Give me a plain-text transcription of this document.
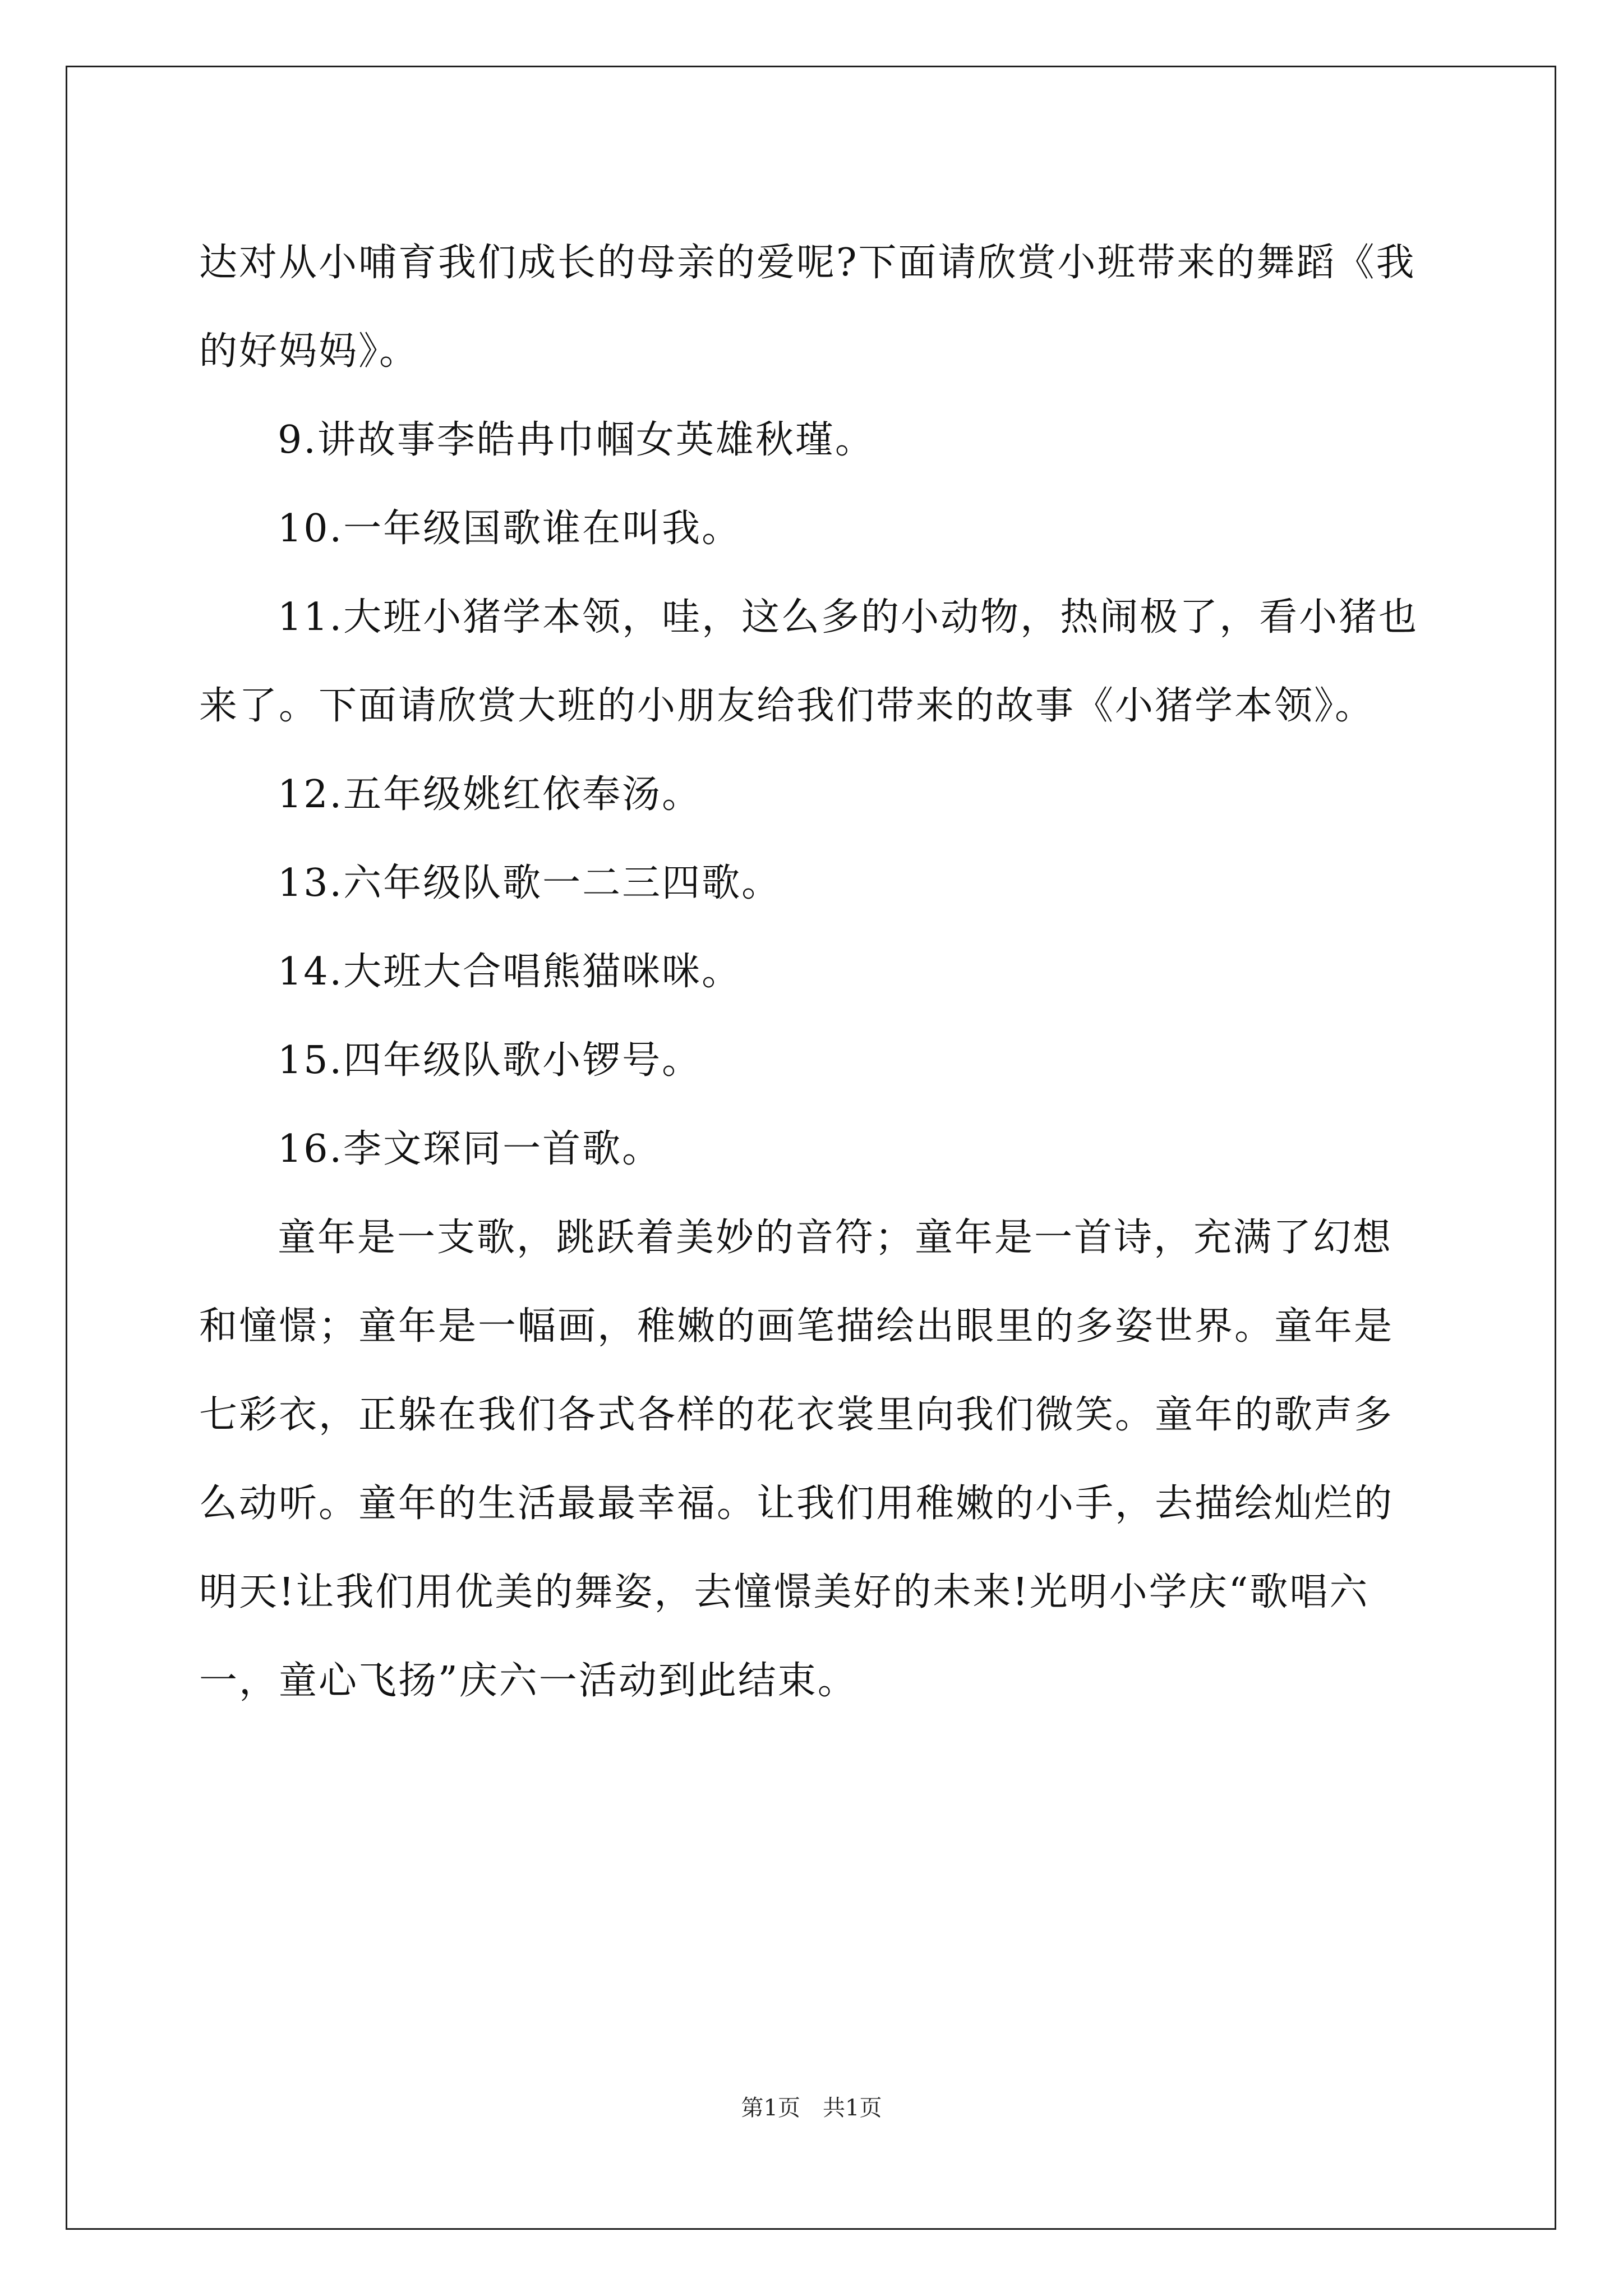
达对从小哺育我们成长的母亲的爱呢?下面请欣赏小班带来的舞蹈《我的好妈妈》。

9.讲故事李皓冉巾帼女英雄秋瑾。

10.一年级国歌谁在叫我。

11.大班小猪学本领，哇，这么多的小动物，热闹极了，看小猪也来了。下面请欣赏大班的小朋友给我们带来的故事《小猪学本领》。

12.五年级姚红依奉汤。

13.六年级队歌一二三四歌。

14.大班大合唱熊猫咪咪。

15.四年级队歌小锣号。

16.李文琛同一首歌。

童年是一支歌，跳跃着美妙的音符；童年是一首诗，充满了幻想和憧憬；童年是一幅画，稚嫩的画笔描绘出眼里的多姿世界。童年是七彩衣，正躲在我们各式各样的花衣裳里向我们微笑。童年的歌声多么动听。童年的生活最最幸福。让我们用稚嫩的小手，去描绘灿烂的明天!让我们用优美的舞姿，去憧憬美好的未来!光明小学庆“歌唱六一，童心飞扬”庆六一活动到此结束。

第1页　共1页
